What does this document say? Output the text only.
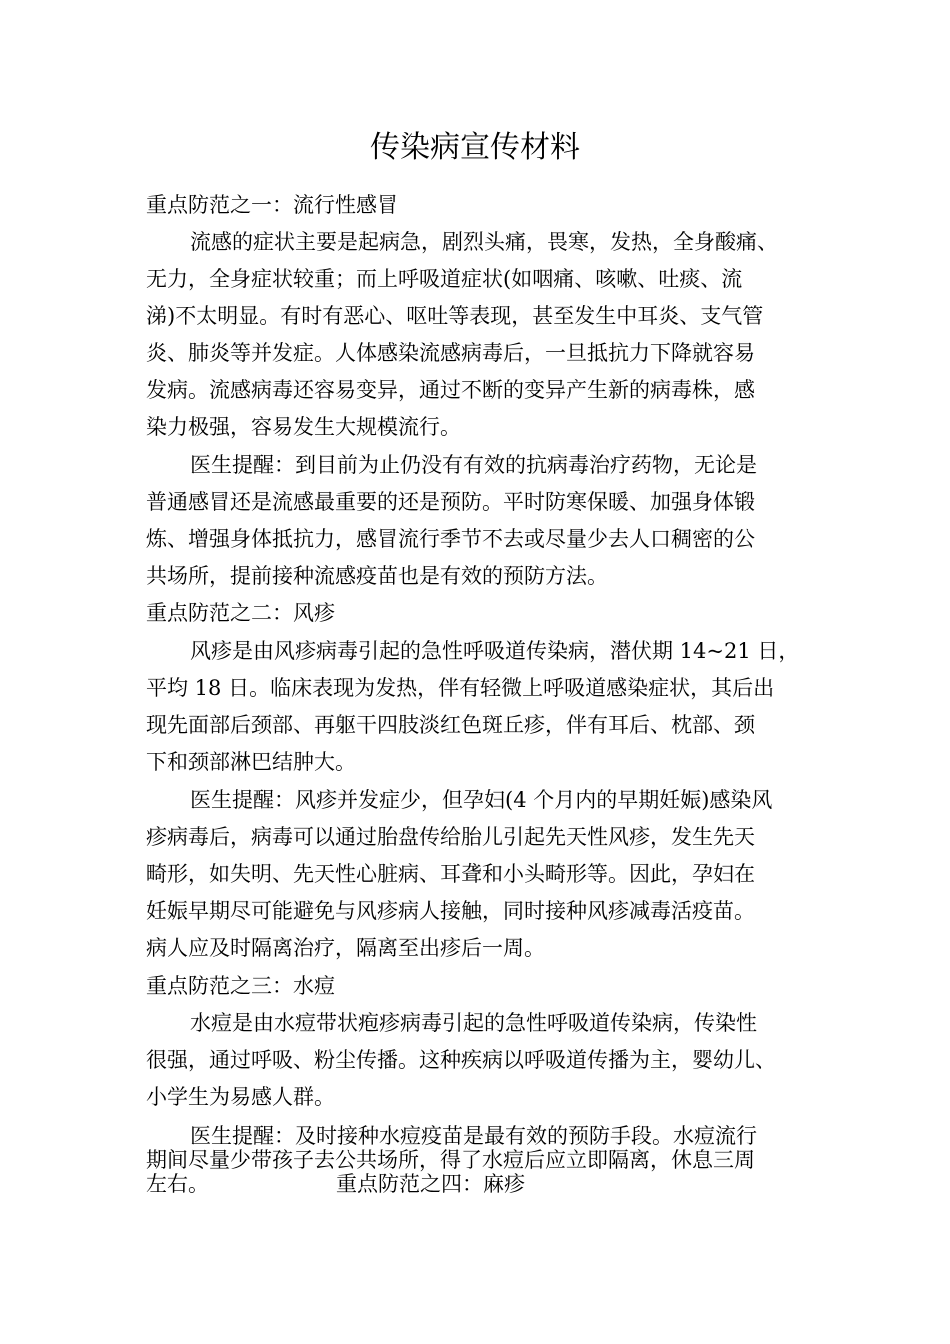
传染病宣传材料
重点防范之一：流行性感冒
流感的症状主要是起病急，剧烈头痛，畏寒，发热，全身酸痛、
无力，全身症状较重；而上呼吸道症状(如咽痛、咳嗽、吐痰、流
涕)不太明显。有时有恶心、呕吐等表现，甚至发生中耳炎、支气管
炎、肺炎等并发症。人体感染流感病毒后，一旦抵抗力下降就容易
发病。流感病毒还容易变异，通过不断的变异产生新的病毒株，感
染力极强，容易发生大规模流行。
医生提醒：到目前为止仍没有有效的抗病毒治疗药物，无论是
普通感冒还是流感最重要的还是预防。平时防寒保暖、加强身体锻
炼、增强身体抵抗力，感冒流行季节不去或尽量少去人口稠密的公
共场所，提前接种流感疫苗也是有效的预防方法。
重点防范之二：风疹
风疹是由风疹病毒引起的急性呼吸道传染病，潜伏期 14~21 日，
平均 18 日。临床表现为发热，伴有轻微上呼吸道感染症状，其后出
现先面部后颈部、再躯干四肢淡红色斑丘疹，伴有耳后、枕部、颈
下和颈部淋巴结肿大。
医生提醒：风疹并发症少，但孕妇(4 个月内的早期妊娠)感染风
疹病毒后，病毒可以通过胎盘传给胎儿引起先天性风疹，发生先天
畸形，如失明、先天性心脏病、耳聋和小头畸形等。因此，孕妇在
妊娠早期尽可能避免与风疹病人接触，同时接种风疹减毒活疫苗。
病人应及时隔离治疗，隔离至出疹后一周。
重点防范之三：水痘
水痘是由水痘带状疱疹病毒引起的急性呼吸道传染病，传染性
很强，通过呼吸、粉尘传播。这种疾病以呼吸道传播为主，婴幼儿、
小学生为易感人群。
医生提醒：及时接种水痘疫苗是最有效的预防手段。水痘流行
期间尽量少带孩子去公共场所，得了水痘后应立即隔离，休息三周
左右。	重点防范之四：麻疹
